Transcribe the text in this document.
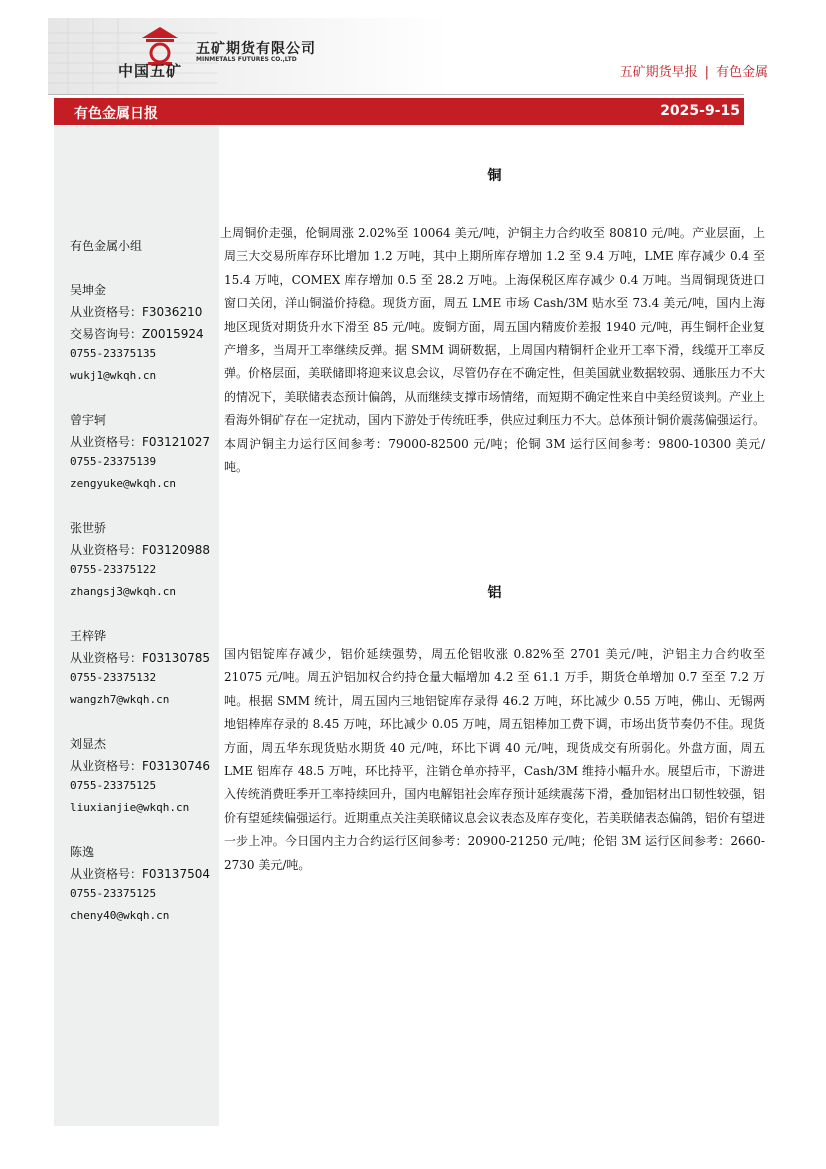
中国五矿
五矿期货有限公司
MINMETALS FUTURES CO.,LTD
五矿期货早报 | 有色金属
有色金属日报	2025-9-15
有色金属小组
吴坤金
从业资格号：F3036210
交易咨询号：Z0015924
0755-23375135
wukj1@wkqh.cn
曾宇轲
从业资格号：F03121027
0755-23375139
zengyuke@wkqh.cn
张世骄
从业资格号：F03120988
0755-23375122
zhangsj3@wkqh.cn
王梓铧
从业资格号：F03130785
0755-23375132
wangzh7@wkqh.cn
刘显杰
从业资格号：F03130746
0755-23375125
liuxianjie@wkqh.cn
陈逸
从业资格号：F03137504
0755-23375125
cheny40@wkqh.cn
铜
上周铜价走强，伦铜周涨 2.02%至 10064 美元/吨，沪铜主力合约收至 80810 元/吨。产业层面，上周三大交易所库存环比增加 1.2 万吨，其中上期所库存增加 1.2 至 9.4 万吨，LME 库存减少 0.4 至 15.4 万吨，COMEX 库存增加 0.5 至 28.2 万吨。上海保税区库存减少 0.4 万吨。当周铜现货进口窗口关闭，洋山铜溢价持稳。现货方面，周五 LME 市场 Cash/3M 贴水至 73.4 美元/吨，国内上海地区现货对期货升水下滑至 85 元/吨。废铜方面，周五国内精废价差报 1940 元/吨，再生铜杆企业复产增多，当周开工率继续反弹。据 SMM 调研数据，上周国内精铜杆企业开工率下滑，线缆开工率反弹。价格层面，美联储即将迎来议息会议，尽管仍存在不确定性，但美国就业数据较弱、通胀压力不大的情况下，美联储表态预计偏鸽，从而继续支撑市场情绪，而短期不确定性来自中美经贸谈判。产业上看海外铜矿存在一定扰动，国内下游处于传统旺季，供应过剩压力不大。总体预计铜价震荡偏强运行。本周沪铜主力运行区间参考：79000-82500 元/吨；伦铜 3M 运行区间参考：9800-10300 美元/吨。
铝
国内铝锭库存减少，铝价延续强势，周五伦铝收涨 0.82%至 2701 美元/吨，沪铝主力合约收至 21075 元/吨。周五沪铝加权合约持仓量大幅增加 4.2 至 61.1 万手，期货仓单增加 0.7 至至 7.2 万吨。根据 SMM 统计，周五国内三地铝锭库存录得 46.2 万吨，环比减少 0.55 万吨，佛山、无锡两地铝棒库存录的 8.45 万吨，环比减少 0.05 万吨，周五铝棒加工费下调，市场出货节奏仍不佳。现货方面，周五华东现货贴水期货 40 元/吨，环比下调 40 元/吨，现货成交有所弱化。外盘方面，周五 LME 铝库存 48.5 万吨，环比持平，注销仓单亦持平，Cash/3M 维持小幅升水。展望后市，下游进入传统消费旺季开工率持续回升，国内电解铝社会库存预计延续震荡下滑，叠加铝材出口韧性较强，铝价有望延续偏强运行。近期重点关注美联储议息会议表态及库存变化，若美联储表态偏鸽，铝价有望进一步上冲。今日国内主力合约运行区间参考：20900-21250 元/吨；伦铝 3M 运行区间参考：2660-2730 美元/吨。
